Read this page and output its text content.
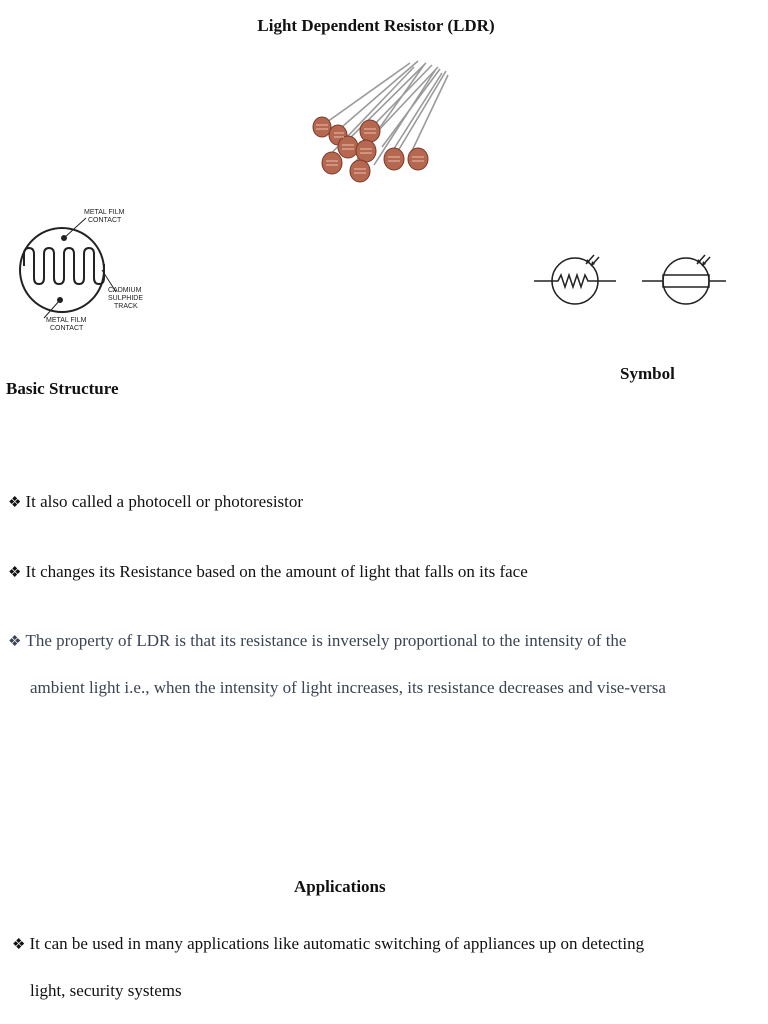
Light Dependent Resistor (LDR)
METAL FILM
CONTACT
CADMIUM
SULPHIDE
TRACK
METAL FILM
CONTACT
Symbol
Basic Structure
❖ It also called a photocell or photoresistor
❖ It changes its Resistance based on the amount of light that falls on its face
❖ The property of LDR is that its resistance is inversely proportional to the intensity of the
ambient light i.e., when the intensity of light increases, its resistance decreases and vise-versa
Applications
❖ It can be used in many applications like automatic switching of appliances up on detecting
light, security systems
